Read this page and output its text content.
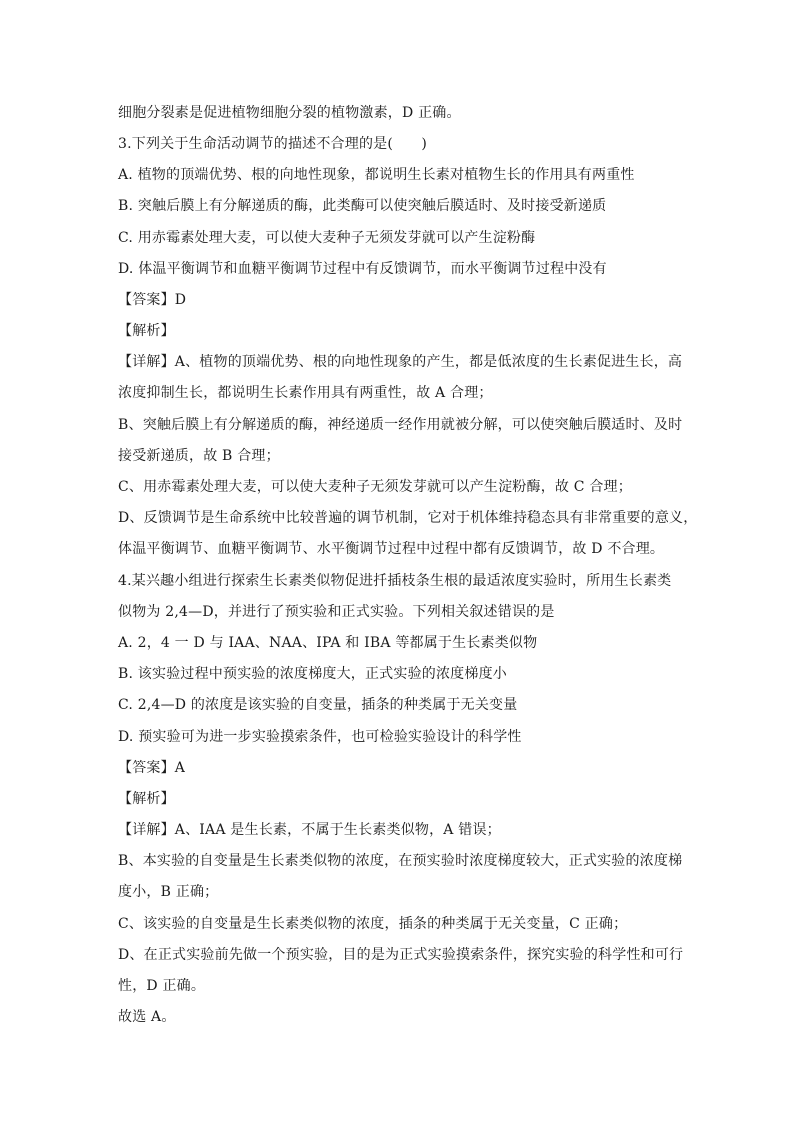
细胞分裂素是促进植物细胞分裂的植物激素，D 正确。
3.下列关于生命活动调节的描述不合理的是(　　)
A. 植物的顶端优势、根的向地性现象，都说明生长素对植物生长的作用具有两重性
B. 突触后膜上有分解递质的酶，此类酶可以使突触后膜适时、及时接受新递质
C. 用赤霉素处理大麦，可以使大麦种子无须发芽就可以产生淀粉酶
D. 体温平衡调节和血糖平衡调节过程中有反馈调节，而水平衡调节过程中没有
【答案】D
【解析】
【详解】A、植物的顶端优势、根的向地性现象的产生，都是低浓度的生长素促进生长，高
浓度抑制生长，都说明生长素作用具有两重性，故 A 合理；
B、突触后膜上有分解递质的酶，神经递质一经作用就被分解，可以使突触后膜适时、及时
接受新递质，故 B 合理；
C、用赤霉素处理大麦，可以使大麦种子无须发芽就可以产生淀粉酶，故 C 合理；
D、反馈调节是生命系统中比较普遍的调节机制，它对于机体维持稳态具有非常重要的意义，
体温平衡调节、血糖平衡调节、水平衡调节过程中过程中都有反馈调节，故 D 不合理。
4.某兴趣小组进行探索生长素类似物促进扦插枝条生根的最适浓度实验时，所用生长素类
似物为 2,4—D，并进行了预实验和正式实验。下列相关叙述错误的是
A. 2，4 一 D 与 IAA、NAA、IPA 和 IBA 等都属于生长素类似物
B. 该实验过程中预实验的浓度梯度大，正式实验的浓度梯度小
C. 2,4—D 的浓度是该实验的自变量，插条的种类属于无关变量
D. 预实验可为进一步实验摸索条件，也可检验实验设计的科学性
【答案】A
【解析】
【详解】A、IAA 是生长素，不属于生长素类似物，A 错误；
B、本实验的自变量是生长素类似物的浓度，在预实验时浓度梯度较大，正式实验的浓度梯
度小，B 正确；
C、该实验的自变量是生长素类似物的浓度，插条的种类属于无关变量，C 正确；
D、在正式实验前先做一个预实验，目的是为正式实验摸索条件，探究实验的科学性和可行
性，D 正确。
故选 A。
